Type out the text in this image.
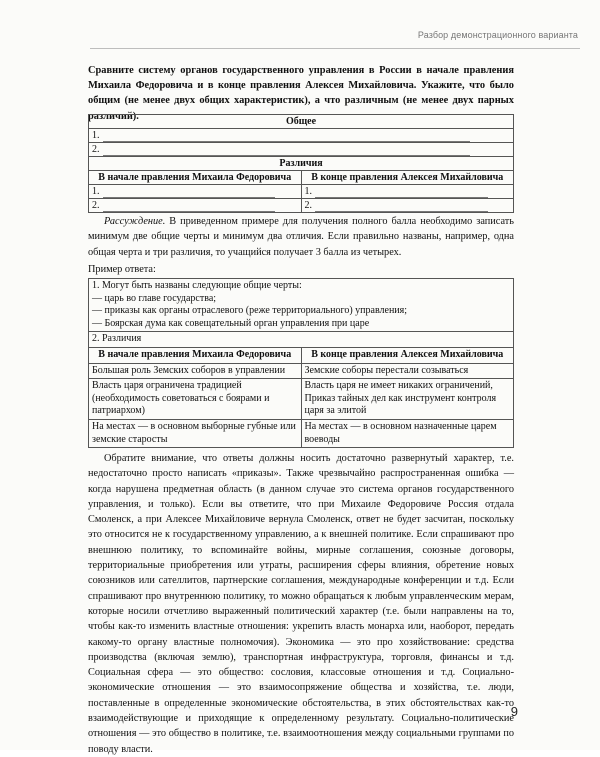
Разбор демонстрационного варианта
Сравните систему органов государственного управления в России в начале правления Михаила Федоровича и в конце правления Алексея Михайловича. Укажите, что было общим (не менее двух общих характеристик), а что различным (не менее двух парных различий).	Общее	
1.	
2.	
Различия	
В начале правления Михаила Федоровича	В конце правления Алексея Михайловича
1.	1.
2.	2.
Рассуждение. В приведенном примере для получения полного балла необходимо записать минимум две общие черты и минимум два отличия. Если правильно названы, например, одна общая черта и три различия, то учащийся получает 3 балла из четырех.
Пример ответа:
1. Могут быть названы следующие общие черты:
— царь во главе государства;
— приказы как органы отраслевого (реже территориального) управления;
— Боярская дума как совещательный орган управления при царе	

2. Различия	
В начале правления Михаила Федоровича	В конце правления Алексея Михайловича
Большая роль Земских соборов в управлении	Земские соборы перестали созываться
Власть царя ограничена традицией (необходимость советоваться с боярами и патриархом)	Власть царя не имеет никаких ограничений, Приказ тайных дел как инструмент контроля царя за элитой
На местах — в основном выборные губные или земские старосты	На местах — в основном назначенные царем воеводы
Обратите внимание, что ответы должны носить достаточно развернутый характер, т.е. недостаточно просто написать «приказы». Также чрезвычайно распространенная ошибка — когда нарушена предметная область (в данном случае это система органов государственного управления, и только). Если вы ответите, что при Михаиле Федоровиче Россия отдала Смоленск, а при Алексее Михайловиче вернула Смоленск, ответ не будет засчитан, поскольку это относится не к государственному управлению, а к внешней политике. Если спрашивают про внешнюю политику, то вспоминайте войны, мирные соглашения, союзные договоры, территориальные приобретения или утраты, расширения сферы влияния, обретение новых союзников или сателлитов, партнерские соглашения, международные конференции и т.д. Если спрашивают про внутреннюю политику, то можно обращаться к любым управленческим мерам, которые носили отчетливо выраженный политический характер (т.е. были направлены на то, чтобы как-то изменить властные отношения: укрепить власть монарха или, наоборот, передать какому-то органу властные полномочия). Экономика — это про хозяйствование: средства производства (включая землю), транспортная инфраструктура, торговля, финансы и т.д. Социальная сфера — это общество: сословия, классовые отношения и т.д. Социально-экономические отношения — это взаимосопряжение общества и хозяйства, т.е. люди, поставленные в определенные экономические обстоятельства, в этих обстоятельствах как-то взаимодействующие и приходящие к определенному результату. Социально-политические отношения — это общество в политике, т.е. взаимоотношения между социальными группами по поводу власти.
9
